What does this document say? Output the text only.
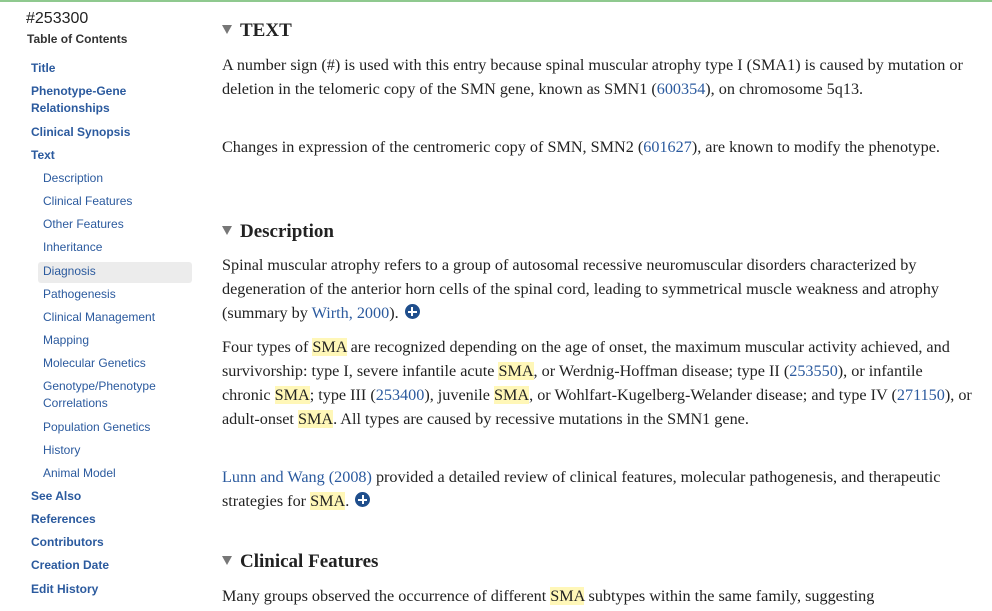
#253300
Table of Contents
Title
Phenotype-Gene Relationships
Clinical Synopsis
Text
Description
Clinical Features
Other Features
Inheritance
Diagnosis
Pathogenesis
Clinical Management
Mapping
Molecular Genetics
Genotype/Phenotype Correlations
Population Genetics
History
Animal Model
See Also
References
Contributors
Creation Date
Edit History
TEXT

A number sign (#) is used with this entry because spinal muscular atrophy type I (SMA1) is caused by mutation or deletion in the telomeric copy of the SMN gene, known as SMN1 (600354), on chromosome 5q13.

Changes in expression of the centromeric copy of SMN, SMN2 (601627), are known to modify the phenotype.

Description

Spinal muscular atrophy refers to a group of autosomal recessive neuromuscular disorders characterized by degeneration of the anterior horn cells of the spinal cord, leading to symmetrical muscle weakness and atrophy (summary by Wirth, 2000).

Four types of SMA are recognized depending on the age of onset, the maximum muscular activity achieved, and survivorship: type I, severe infantile acute SMA, or Werdnig-Hoffman disease; type II (253550), or infantile chronic SMA; type III (253400), juvenile SMA, or Wohlfart-Kugelberg-Welander disease; and type IV (271150), or adult-onset SMA. All types are caused by recessive mutations in the SMN1 gene.

Lunn and Wang (2008) provided a detailed review of clinical features, molecular pathogenesis, and therapeutic strategies for SMA.

Clinical Features

Many groups observed the occurrence of different SMA subtypes within the same family, suggesting
